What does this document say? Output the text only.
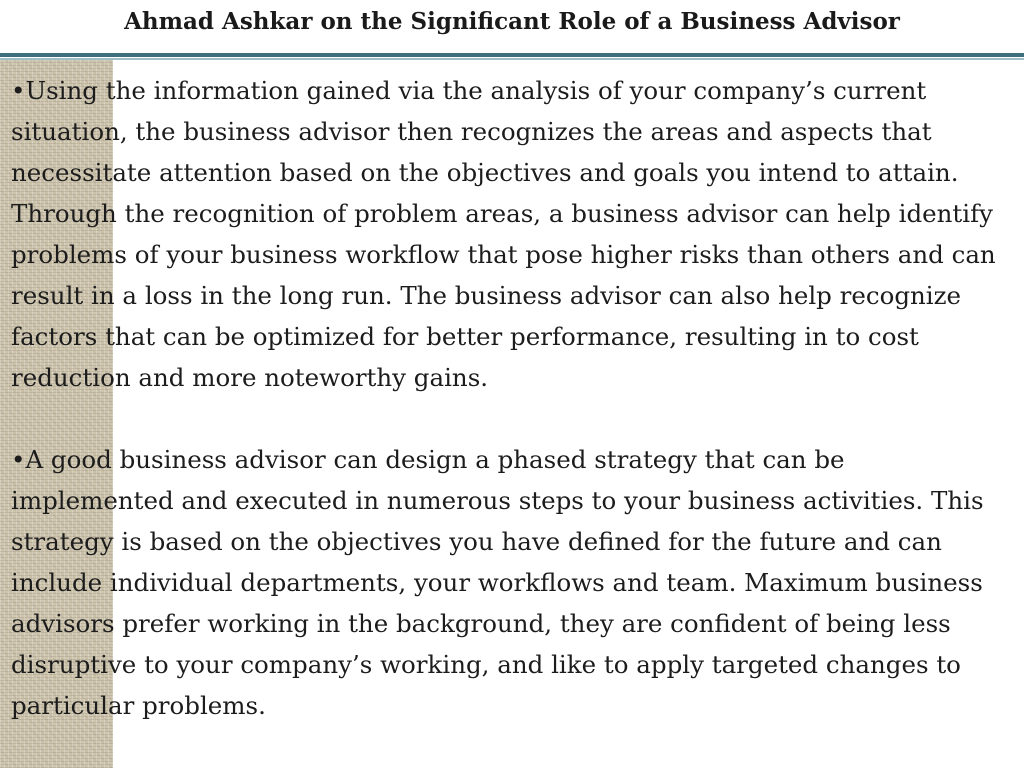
Ahmad Ashkar on the Significant Role of a Business Advisor

•Using the information gained via the analysis of your company’s current situation, the business advisor then recognizes the areas and aspects that necessitate attention based on the objectives and goals you intend to attain. Through the recognition of problem areas, a business advisor can help identify problems of your business workflow that pose higher risks than others and can result in a loss in the long run. The business advisor can also help recognize factors that can be optimized for better performance, resulting in to cost reduction and more noteworthy gains.

•A good business advisor can design a phased strategy that can be implemented and executed in numerous steps to your business activities. This strategy is based on the objectives you have defined for the future and can include individual departments, your workflows and team. Maximum business advisors prefer working in the background, they are confident of being less disruptive to your company’s working, and like to apply targeted changes to particular problems.
